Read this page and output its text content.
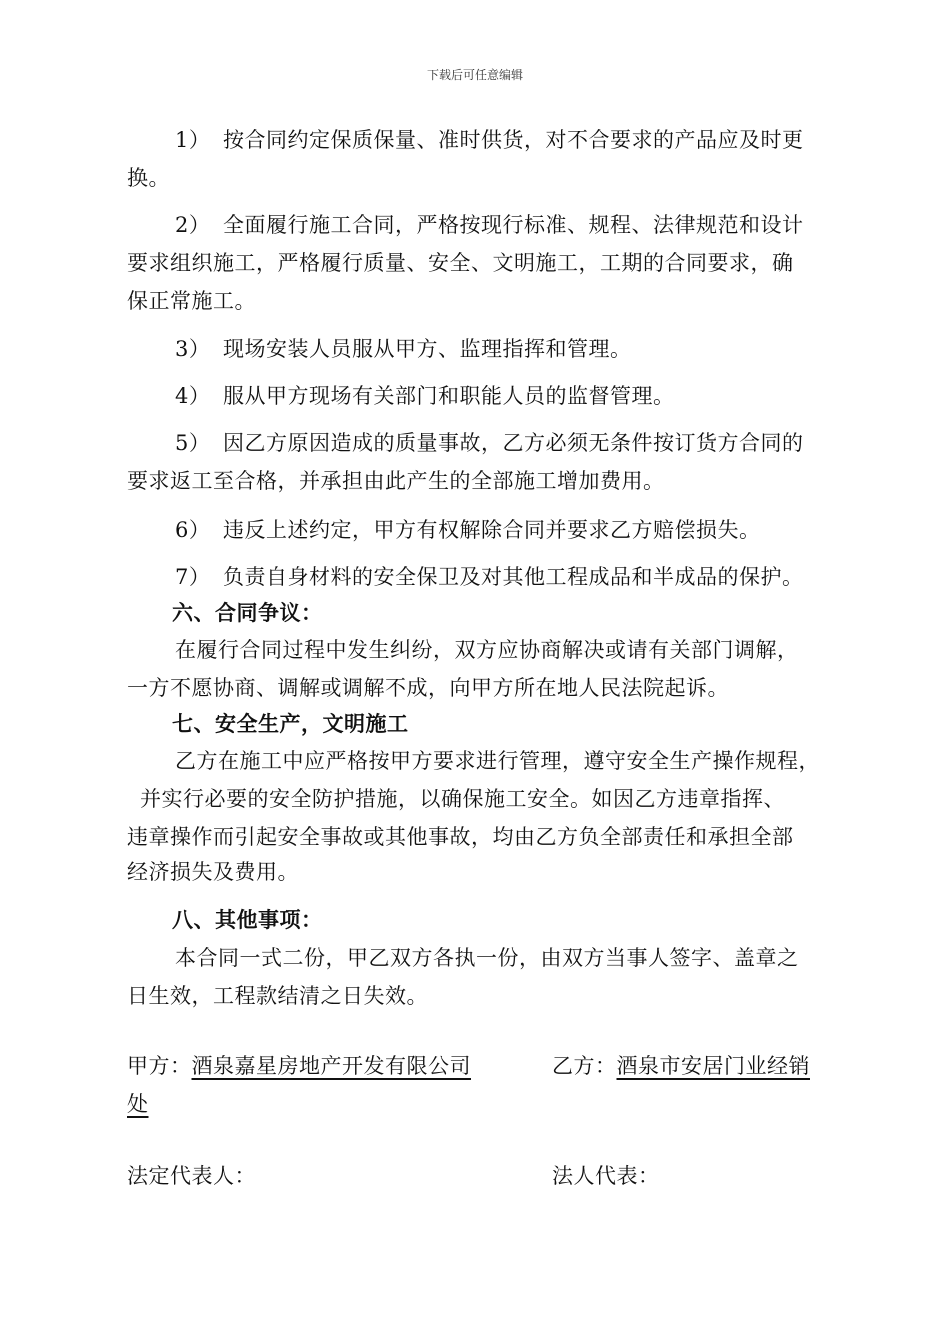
下载后可任意编辑
1） 按合同约定保质保量、准时供货，对不合要求的产品应及时更
换。
2） 全面履行施工合同，严格按现行标准、规程、法律规范和设计
要求组织施工，严格履行质量、安全、文明施工，工期的合同要求，确
保正常施工。
3） 现场安装人员服从甲方、监理指挥和管理。
4） 服从甲方现场有关部门和职能人员的监督管理。
5） 因乙方原因造成的质量事故，乙方必须无条件按订货方合同的
要求返工至合格，并承担由此产生的全部施工增加费用。
6） 违反上述约定，甲方有权解除合同并要求乙方赔偿损失。
7） 负责自身材料的安全保卫及对其他工程成品和半成品的保护。
六、合同争议：
在履行合同过程中发生纠纷，双方应协商解决或请有关部门调解，
一方不愿协商、调解或调解不成，向甲方所在地人民法院起诉。
七、安全生产，文明施工
乙方在施工中应严格按甲方要求进行管理，遵守安全生产操作规程，
并实行必要的安全防护措施，以确保施工安全。如因乙方违章指挥、
违章操作而引起安全事故或其他事故，均由乙方负全部责任和承担全部
经济损失及费用。
八、其他事项：
本合同一式二份，甲乙双方各执一份，由双方当事人签字、盖章之
日生效，工程款结清之日失效。
甲方：酒泉嘉星房地产开发有限公司	乙方：酒泉市安居门业经销
处
法定代表人：	法人代表：
